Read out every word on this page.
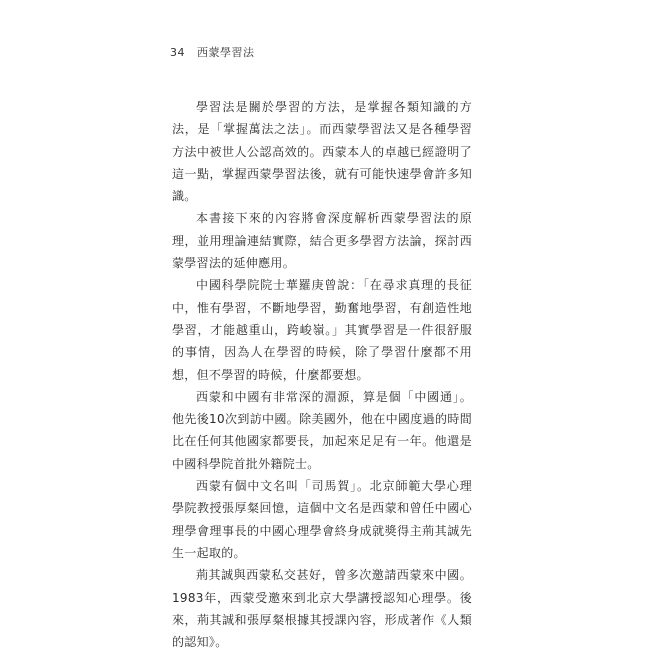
34 西蒙學習法

學習法是關於學習的方法，是掌握各類知識的方法，是「掌握萬法之法」。而西蒙學習法又是各種學習方法中被世人公認高效的。西蒙本人的卓越已經證明了這一點，掌握西蒙學習法後，就有可能快速學會許多知識。

本書接下來的內容將會深度解析西蒙學習法的原理，並用理論連結實際，結合更多學習方法論，探討西蒙學習法的延伸應用。

中國科學院院士華羅庚曾說：「在尋求真理的長征中，惟有學習，不斷地學習，勤奮地學習，有創造性地學習，才能越重山，跨峻嶺。」其實學習是一件很舒服的事情，因為人在學習的時候，除了學習什麼都不用想，但不學習的時候，什麼都要想。

西蒙和中國有非常深的淵源，算是個「中國通」。他先後10次到訪中國。除美國外，他在中國度過的時間比在任何其他國家都要長，加起來足足有一年。他還是中國科學院首批外籍院士。

西蒙有個中文名叫「司馬賀」。北京師範大學心理學院教授張厚粲回憶，這個中文名是西蒙和曾任中國心理學會理事長的中國心理學會終身成就獎得主荊其誠先生一起取的。

荊其誠與西蒙私交甚好，曾多次邀請西蒙來中國。1983年，西蒙受邀來到北京大學講授認知心理學。後來，荊其誠和張厚粲根據其授課內容，形成著作《人類的認知》。
